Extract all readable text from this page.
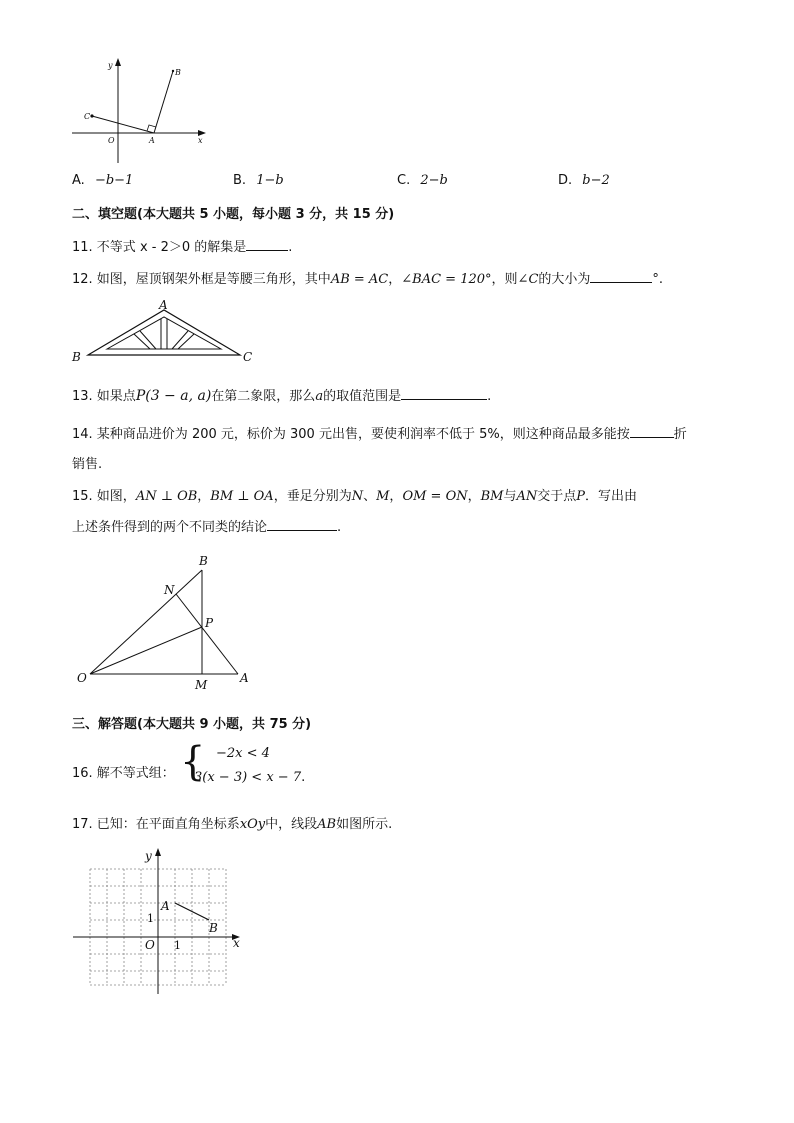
y
x
O	A
B
C
A. −b−1	B. 1−b	C. 2−b	D. b−2
二、填空题(本大题共 5 小题，每小题 3 分，共 15 分)
11. 不等式 x - 2＞0 的解集是	.
12. 如图，屋顶钢架外框是等腰三角形，其中AB = AC，∠BAC = 120°，则∠C的大小为	°.
A
B	C
13. 如果点P(3 − a, a)在第二象限，那么a的取值范围是	.
14. 某种商品进价为 200 元，标价为 300 元出售，要使利润率不低于 5%，则这种商品最多能按	折
销售.
15. 如图，AN ⊥ OB，BM ⊥ OA，垂足分别为N、M，OM = ON，BM与AN交于点P．写出由
上述条件得到的两个不同类的结论	.
B
N
P
O	M	A
三、解答题(本大题共 9 小题，共 75 分)
16. 解不等式组： { −2x < 4
3(x − 3) < x − 7.
17. 已知：在平面直角坐标系xOy中，线段AB如图所示.
y
x
O 1
1
A
B
